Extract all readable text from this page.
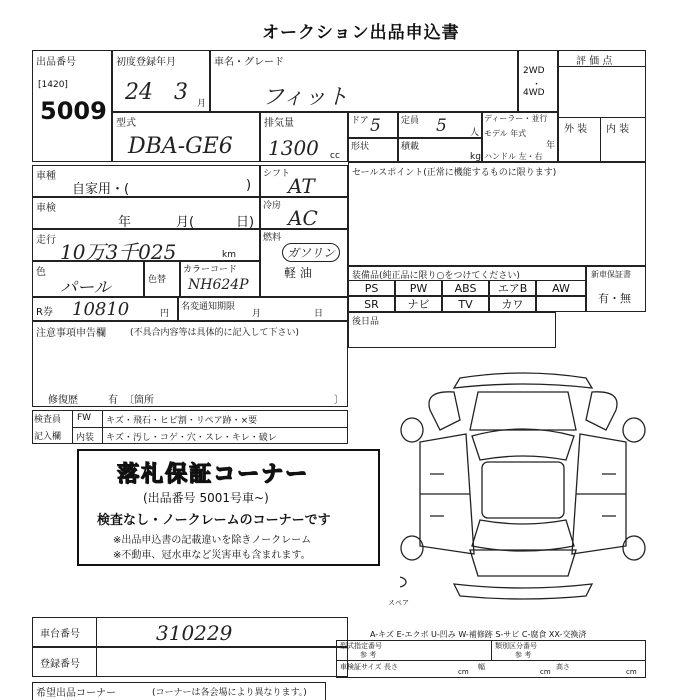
オークション出品申込書
出品番号
[1420]
5009
初度登録年月
24 3 月
車名・グレード
フィット
2WD
・
4WD
評 価 点
外 装 内 装
型式
DBA-GE6
排気量
1300 cc
ドア 5 定員 5	人
ディーラー・並行
モデル 年式
年
ハンドル 左・右
形状	積載
kg
車種
自家用・(	)
シフト
AT
車検
年	月(	日)
冷房 AC
走行 10万3千025	km
燃料
ガソリン
軽 油
色
パール	色替
カラーコード
NH624P
R券 10810	円
名変通知期限
月	日
注意事項申告欄	(不具合内容等は具体的に記入して下さい)
修復歴	有 〔箇所	〕
検査員
記入欄
FW キズ・飛石・ヒビ割・リペア跡・×要
内装 キズ・汚し・コゲ・穴・スレ・キレ・破レ
セールスポイント(正常に機能するものに限ります)
装備品(純正品に限り○をつけてください)
PS	PW	ABS	エアB	AW
SR	ナビ	TV	カワ
新車保証書
有・無
後日品
落札保証コーナー
(出品番号 5001号車~)
検査なし・ノークレームのコーナーです
※出品申込書の記載違いを除きノークレーム
※不動車、冠水車など災害車も含まれます。
スペア
A-キズ E-エクボ U-凹み W-補修跡 S-サビ C-腐食 XX-交換済
車台番号	310229
登録番号
型式指定番号
参 考
類別区分番号
参 考
車検証サイズ 長さ
cm
幅
cm
高さ
cm
希望出品コーナー	(コーナーは各会場により異なります。)
